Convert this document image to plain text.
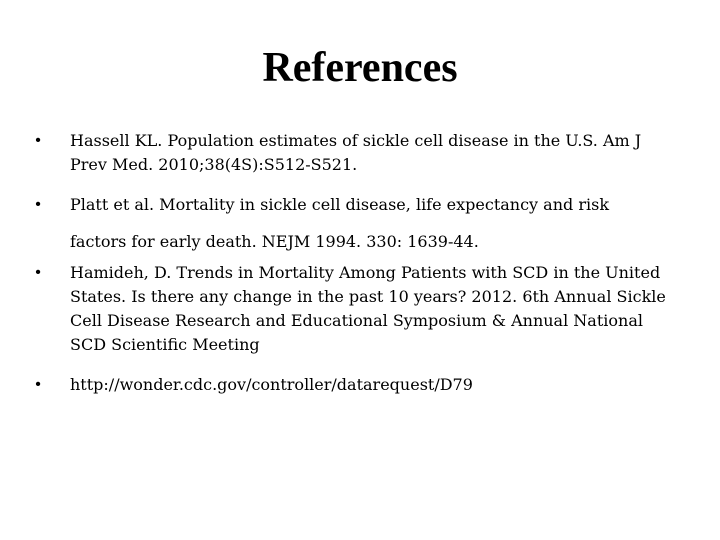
References
•	Hassell KL. Population estimates of sickle cell disease in the U.S. Am J Prev Med. 2010;38(4S):S512-S521.
•	Platt et al. Mortality in sickle cell disease, life expectancy and risk
factors for early death. NEJM 1994. 330: 1639-44.
•	Hamideh, D. Trends in Mortality Among Patients with SCD in the United States. Is there any change in the past 10 years? 2012. 6th Annual Sickle Cell Disease Research and Educational Symposium & Annual National SCD Scientific Meeting
•	http://wonder.cdc.gov/controller/datarequest/D79
